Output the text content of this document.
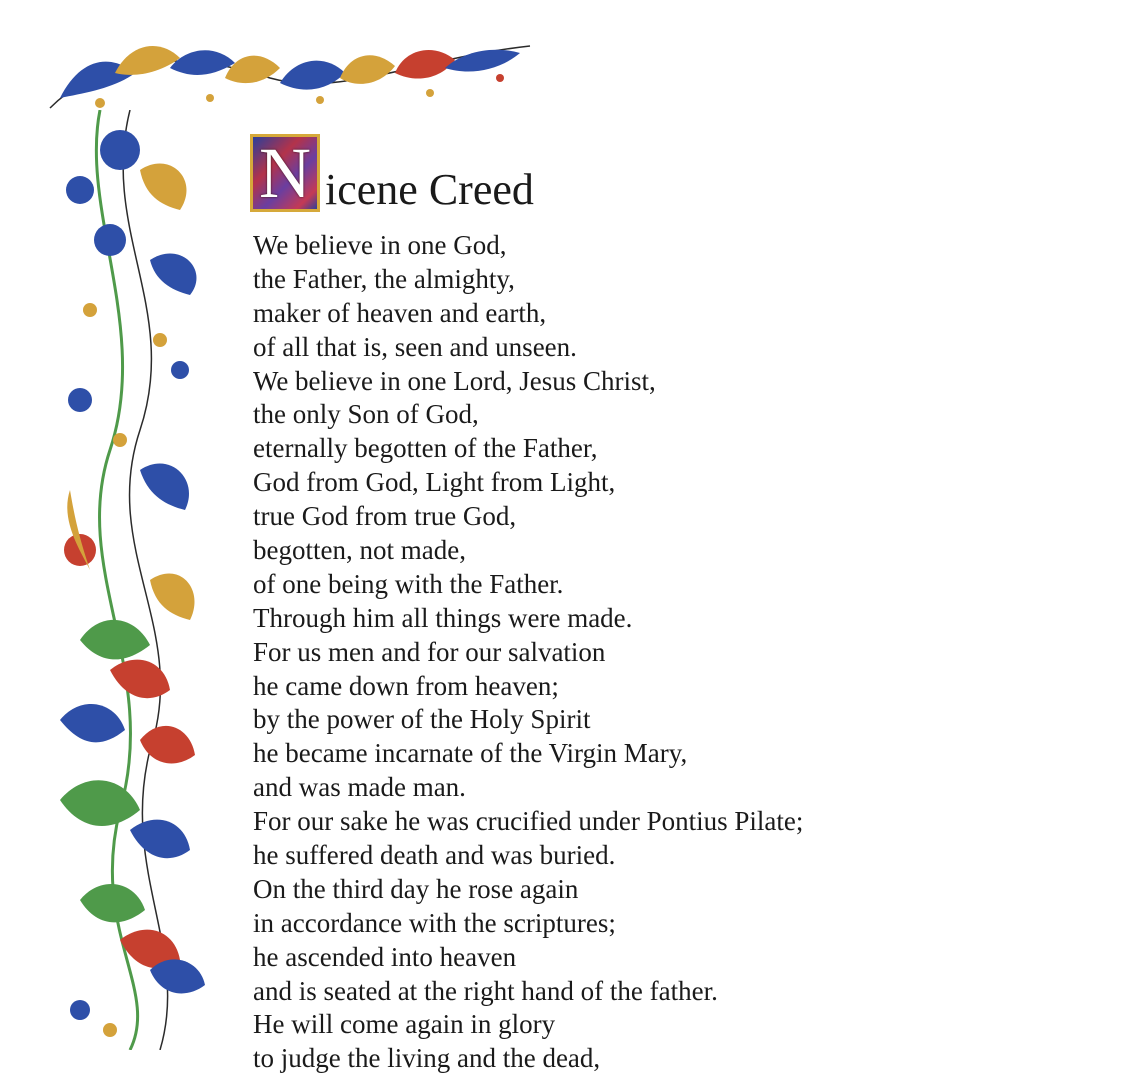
N icene Creed
We believe in one God,
the Father, the almighty,
maker of heaven and earth,
of all that is, seen and unseen.
We believe in one Lord, Jesus Christ,
the only Son of God,
eternally begotten of the Father,
God from God, Light from Light,
true God from true God,
begotten, not made,
of one being with the Father.
Through him all things were made.
For us men and for our salvation
he came down from heaven;
by the power of the Holy Spirit
he became incarnate of the Virgin Mary,
and was made man.
For our sake he was crucified under Pontius Pilate;
he suffered death and was buried.
On the third day he rose again
in accordance with the scriptures;
he ascended into heaven
and is seated at the right hand of the father.
He will come again in glory
to judge the living and the dead,
